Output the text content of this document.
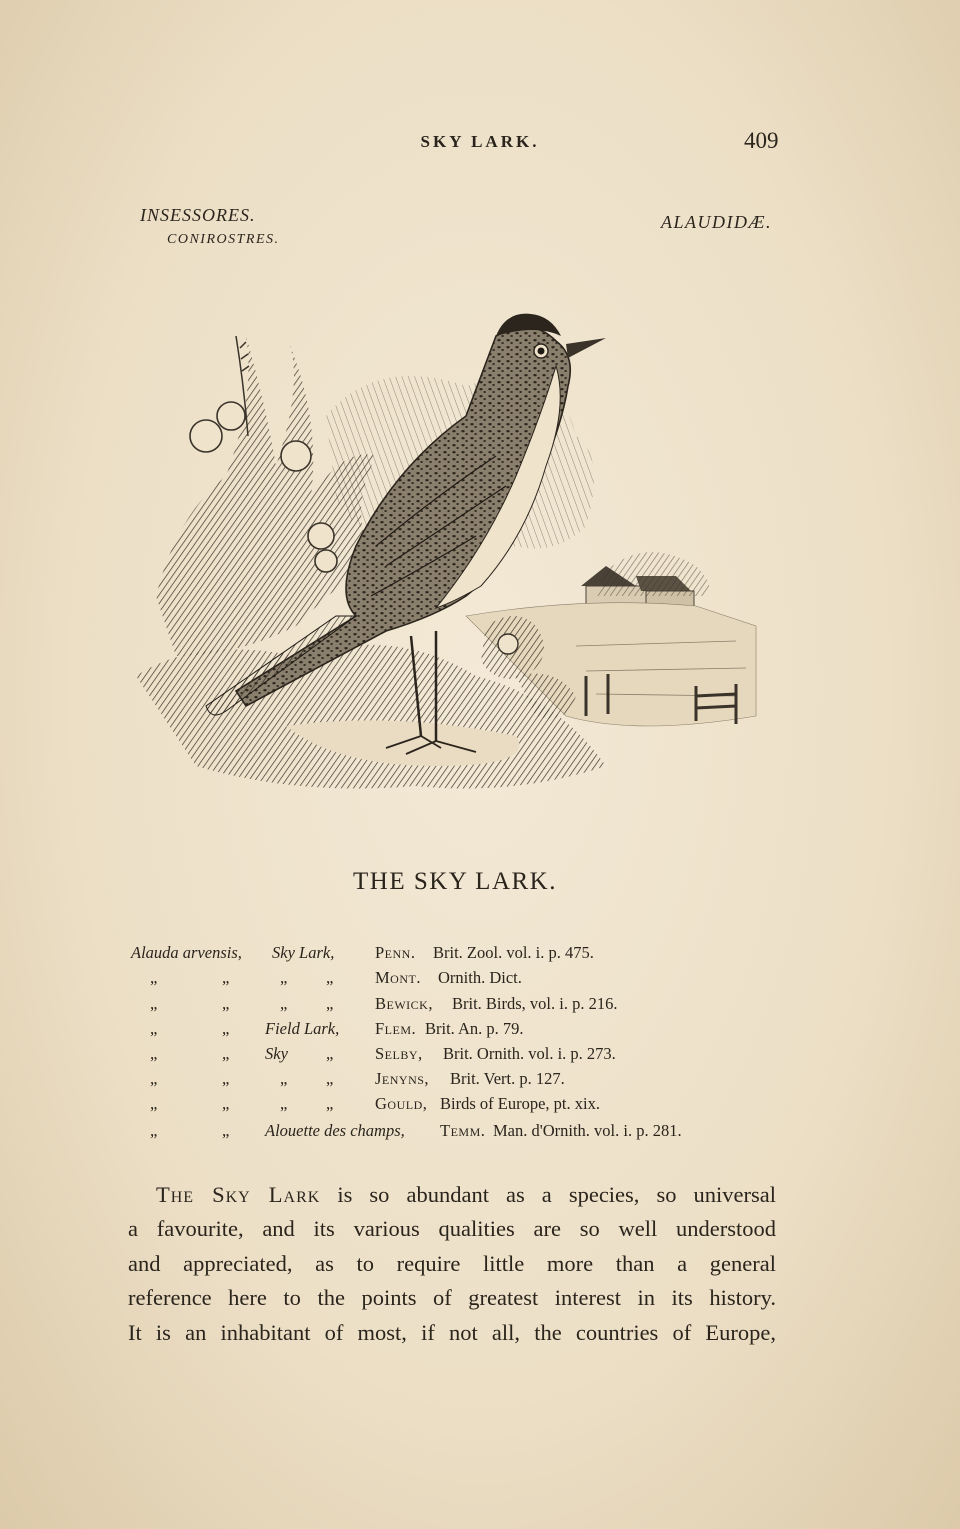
SKY LARK.	409
INSESSORES.
CONIROSTRES.
ALAUDIDÆ.
THE SKY LARK.
Alauda arvensis, Sky Lark, Penn. Brit. Zool. vol. i. p. 475.
„	„	„ „	Mont. Ornith. Dict.
„	„	„ „	Bewick, Brit. Birds, vol. i. p. 216.
„	„ Field Lark, Flem. Brit. An. p. 79.
„	„ Sky „	Selby, Brit. Ornith. vol. i. p. 273.
„	„	„ „	Jenyns, Brit. Vert. p. 127.
„	„	„ „	Gould, Birds of Europe, pt. xix.
„	„ Alouette des champs, Temm. Man. d'Ornith. vol. i. p. 281.
The Sky Lark is so abundant as a species, so universal
a favourite, and its various qualities are so well understood
and appreciated, as to require little more than a general
reference here to the points of greatest interest in its history.
It is an inhabitant of most, if not all, the countries of Europe,
